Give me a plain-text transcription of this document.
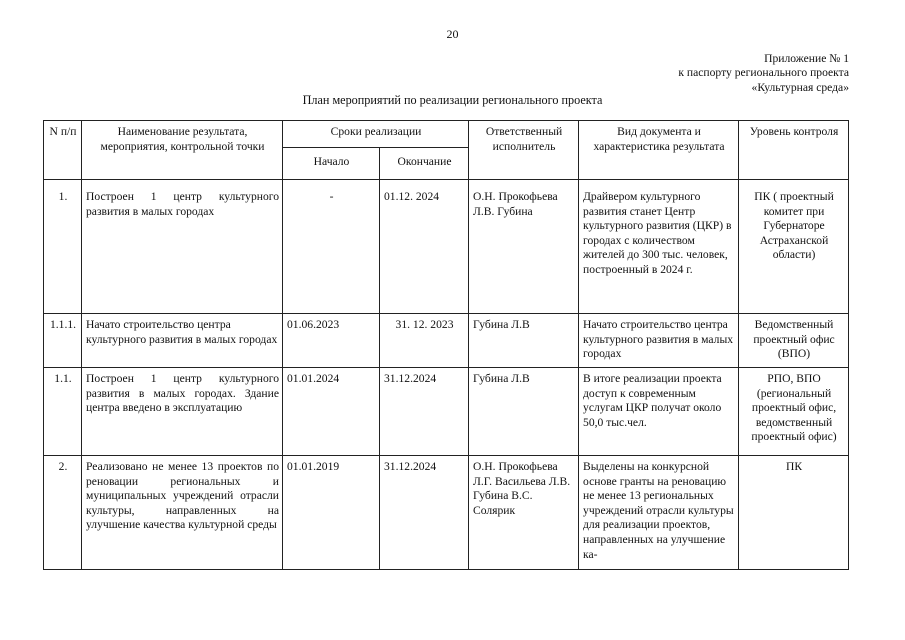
20
Приложение № 1
к паспорту регионального проекта
«Культурная среда»
План мероприятий по реализации регионального проекта
N п/п	Наименование результата, мероприятия, контрольной точки	Сроки реализации		Ответственный исполнитель	Вид документа и характеристика результата	Уровень контроля
		Начало	Окончание			
1.	Построен 1 центр культурного развития в малых городах	-	01.12. 2024	О.Н. Прокофьева Л.В. Губина	Драйвером культурного развития станет Центр культурного развития (ЦКР) в городах с количеством жителей до 300 тыс. человек, построенный в 2024 г.	ПК ( проектный комитет при Губернаторе Астраханской области)
1.1.1.	Начато строительство центра культурного развития в малых городах	01.06.2023	31. 12. 2023	Губина Л.В	Начато строительство центра культурного развития в малых городах	Ведомственный проектный офис (ВПО)
1.1.	Построен 1 центр культурного развития в малых городах. Здание центра введено в эксплуатацию	01.01.2024	31.12.2024	Губина Л.В	В итоге реализации проекта доступ к современным услугам ЦКР получат около 50,0 тыс.чел.	РПО, ВПО (региональный проектный офис, ведомственный проектный офис)
2.	Реализовано не менее 13 проектов по реновации региональных и муниципальных учреждений отрасли культуры, направленных на улучшение качества культурной среды	01.01.2019	31.12.2024	О.Н. Прокофьева Л.Г. Васильева Л.В. Губина В.С. Солярик	Выделены на конкурсной основе гранты на реновацию не менее 13 региональных учреждений отрасли культуры для реализации проектов, направленных на улучшение ка-	ПК
